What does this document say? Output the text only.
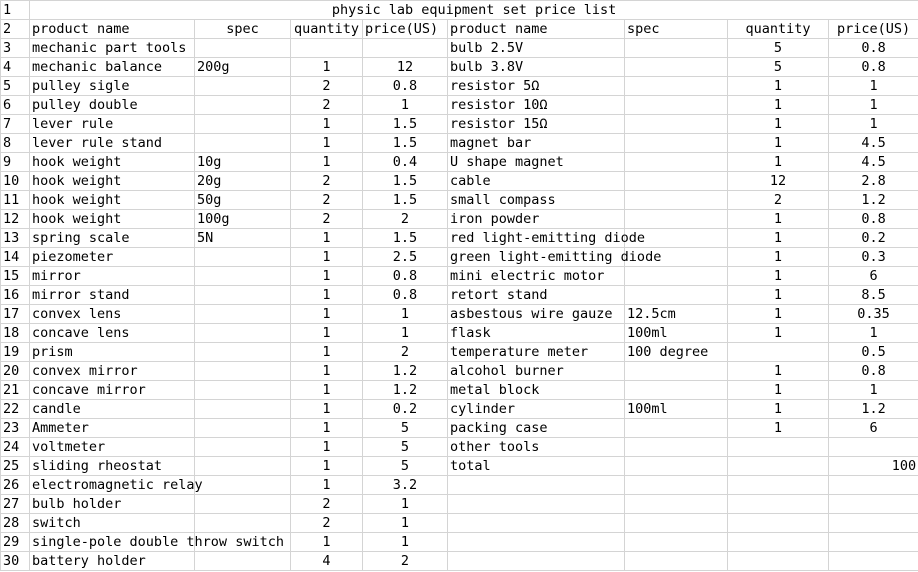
1	physic lab equipment set price list							
2	product name	spec	quantity	price(US)	product name	spec	quantity	price(US)
3	mechanic part tools				bulb 2.5V		5	0.8
4	mechanic balance	200g	1	12	bulb 3.8V		5	0.8
5	pulley sigle		2	0.8	resistor 5Ω		1	1
6	pulley double		2	1	resistor 10Ω		1	1
7	lever rule		1	1.5	resistor 15Ω		1	1
8	lever rule stand		1	1.5	magnet bar		1	4.5
9	hook weight	10g	1	0.4	U shape magnet		1	4.5
10	hook weight	20g	2	1.5	cable		12	2.8
11	hook weight	50g	2	1.5	small compass		2	1.2
12	hook weight	100g	2	2	iron powder		1	0.8
13	spring scale	5N	1	1.5	red light-emitting diode		1	0.2
14	piezometer		1	2.5	green light-emitting diode		1	0.3
15	mirror		1	0.8	mini electric motor		1	6
16	mirror stand		1	0.8	retort stand		1	8.5
17	convex lens		1	1	asbestous wire gauze	12.5cm	1	0.35
18	concave lens		1	1	flask	100ml	1	1
19	prism		1	2	temperature meter	100 degree		0.5
20	convex mirror		1	1.2	alcohol burner		1	0.8
21	concave mirror		1	1.2	metal block		1	1
22	candle		1	0.2	cylinder	100ml	1	1.2
23	Ammeter		1	5	packing case		1	6
24	voltmeter		1	5	other tools			
25	sliding rheostat		1	5	total			100
26	electromagnetic relay		1	3.2				
27	bulb holder		2	1				
28	switch		2	1				
29	single-pole double throw switch		1	1				
30	battery holder		4	2				
